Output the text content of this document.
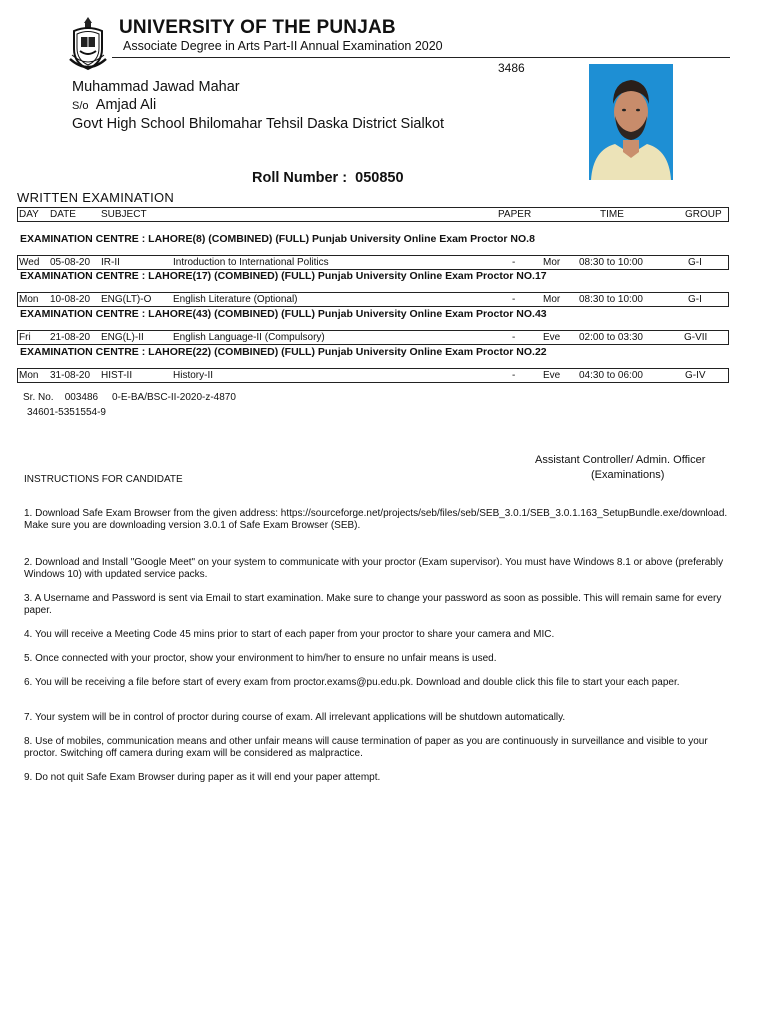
UNIVERSITY OF THE PUNJAB
Associate Degree in Arts Part-II Annual Examination 2020
3486
Muhammad Jawad Mahar
S/o Amjad Ali
Govt High School Bhilomahar Tehsil Daska District Sialkot
Roll Number : 050850
WRITTEN EXAMINATION
DAY DATE	SUBJECT	PAPER	TIME	GROUP
EXAMINATION CENTRE : LAHORE(8) (COMBINED) (FULL) Punjab University Online Exam Proctor NO.8
Wed 05-08-20 IR-II	Introduction to International Politics	-	Mor 08:30 to 10:00	G-I
EXAMINATION CENTRE : LAHORE(17) (COMBINED) (FULL) Punjab University Online Exam Proctor NO.17
Mon 10-08-20 ENG(LT)-O English Literature (Optional)	-	Mor 08:30 to 10:00	G-I
EXAMINATION CENTRE : LAHORE(43) (COMBINED) (FULL) Punjab University Online Exam Proctor NO.43
Fri 21-08-20 ENG(L)-II	English Language-II (Compulsory)	-	Eve 02:00 to 03:30	G-VII
EXAMINATION CENTRE : LAHORE(22) (COMBINED) (FULL) Punjab University Online Exam Proctor NO.22
Mon 31-08-20 HIST-II	History-II	-	Eve 04:30 to 06:00	G-IV
Sr. No. 003486 0-E-BA/BSC-II-2020-z-4870
34601-5351554-9
Assistant Controller/ Admin. Officer
(Examinations)
INSTRUCTIONS FOR CANDIDATE
1. Download Safe Exam Browser from the given address: https://sourceforge.net/projects/seb/files/seb/SEB_3.0.1/SEB_3.0.1.163_SetupBundle.exe/download. Make sure you are downloading version 3.0.1 of Safe Exam Browser (SEB).
2. Download and Install "Google Meet" on your system to communicate with your proctor (Exam supervisor). You must have Windows 8.1 or above (preferably Windows 10) with updated service packs.
3. A Username and Password is sent via Email to start examination. Make sure to change your password as soon as possible. This will remain same for every paper.
4. You will receive a Meeting Code 45 mins prior to start of each paper from your proctor to share your camera and MIC.
5. Once connected with your proctor, show your environment to him/her to ensure no unfair means is used.
6. You will be receiving a file before start of every exam from proctor.exams@pu.edu.pk. Download and double click this file to start your each paper.
7. Your system will be in control of proctor during course of exam. All irrelevant applications will be shutdown automatically.
8. Use of mobiles, communication means and other unfair means will cause termination of paper as you are continuously in surveillance and visible to your proctor. Switching off camera during exam will be considered as malpractice.
9. Do not quit Safe Exam Browser during paper as it will end your paper attempt.
